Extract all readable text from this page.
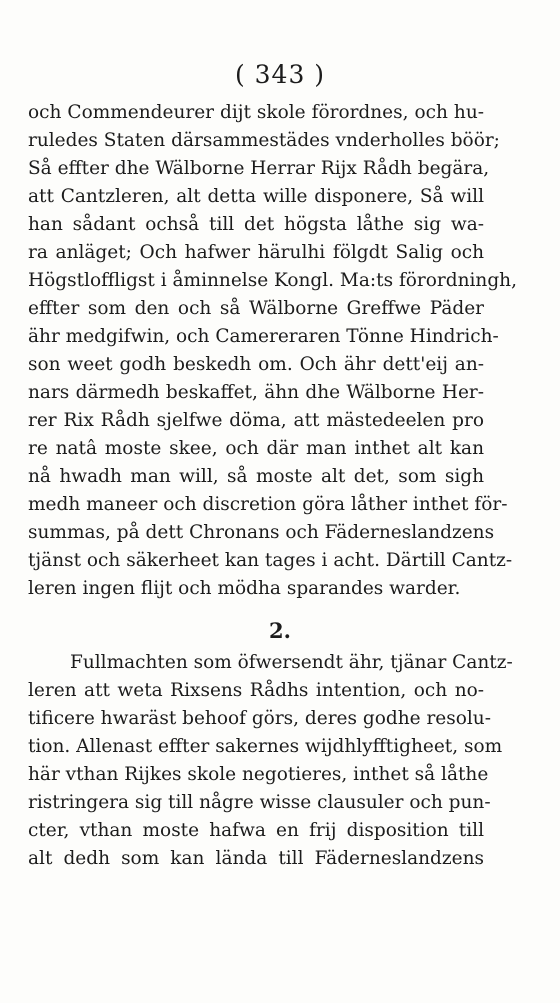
( 343 )
och Commendeurer dijt skole förordnes, och hu-
ruledes Staten därsammestädes vnderholles böör;
Så effter dhe Wälborne Herrar Rijx Rådh begära,
att Cantzleren, alt detta wille disponere, Så will
han sådant ochså till det högsta låthe sig wa-
ra anläget; Och hafwer härulhi fölgdt Salig och
Högstloffligst i åminnelse Kongl. Ma:ts förordningh,
effter som den och så Wälborne Greffwe Päder
ähr medgifwin, och Camereraren Tönne Hindrich-
son weet godh beskedh om. Och ähr dett'eij an-
nars därmedh beskaffet, ähn dhe Wälborne Her-
rer Rix Rådh sjelfwe döma, att mästedeelen pro
re natâ moste skee, och där man inthet alt kan
nå hwadh man will, så moste alt det, som sigh
medh maneer och discretion göra låther inthet för-
summas, på dett Chronans och Fäderneslandzens
tjänst och säkerheet kan tages i acht. Därtill Cantz-
leren ingen flijt och mödha sparandes warder.
2.
Fullmachten som öfwersendt ähr, tjänar Cantz-
leren att weta Rixsens Rådhs intention, och no-
tificere hwaräst behoof görs, deres godhe resolu-
tion. Allenast effter sakernes wijdhlyfftigheet, som
här vthan Rijkes skole negotieres, inthet så låthe
ristringera sig till någre wisse clausuler och pun-
cter, vthan moste hafwa en frij disposition till
alt dedh som kan lända till Fäderneslandzens
